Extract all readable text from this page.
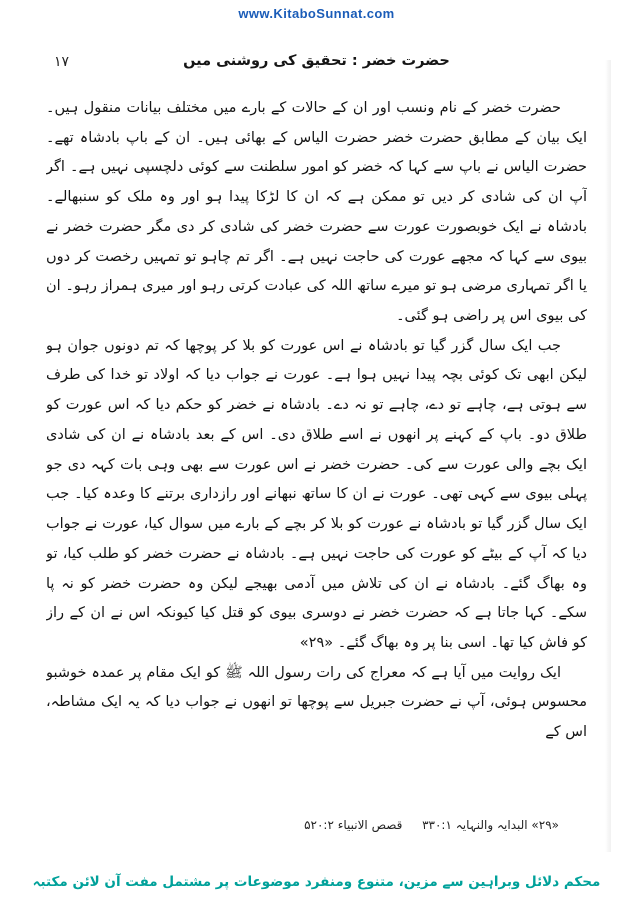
www.KitaboSunnat.com
۱۷	حضرت خضر : تحقیق کی روشنی میں

حضرت خضر کے نام ونسب اور ان کے حالات کے بارے میں مختلف بیانات منقول ہیں۔ ایک بیان کے مطابق حضرت خضر حضرت الیاس کے بھائی ہیں۔ ان کے باپ بادشاہ تھے۔ حضرت الیاس نے باپ سے کہا کہ خضر کو امور سلطنت سے کوئی دلچسپی نہیں ہے۔ اگر آپ ان کی شادی کر دیں تو ممکن ہے کہ ان کا لڑکا پیدا ہو اور وہ ملک کو سنبھالے۔ بادشاہ نے ایک خوبصورت عورت سے حضرت خضر کی شادی کر دی مگر حضرت خضر نے بیوی سے کہا کہ مجھے عورت کی حاجت نہیں ہے۔ اگر تم چاہو تو تمہیں رخصت کر دوں یا اگر تمہاری مرضی ہو تو میرے ساتھ اللہ کی عبادت کرتی رہو اور میری ہمراز رہو۔ ان کی بیوی اس پر راضی ہو گئی۔

جب ایک سال گزر گیا تو بادشاہ نے اس عورت کو بلا کر پوچھا کہ تم دونوں جوان ہو لیکن ابھی تک کوئی بچہ پیدا نہیں ہوا ہے۔ عورت نے جواب دیا کہ اولاد تو خدا کی طرف سے ہوتی ہے، چاہے تو دے، چاہے تو نہ دے۔ بادشاہ نے خضر کو حکم دیا کہ اس عورت کو طلاق دو۔ باپ کے کہنے پر انھوں نے اسے طلاق دی۔ اس کے بعد بادشاہ نے ان کی شادی ایک بچے والی عورت سے کی۔ حضرت خضر نے اس عورت سے بھی وہی بات کہہ دی جو پہلی بیوی سے کہی تھی۔ عورت نے ان کا ساتھ نبھانے اور رازداری برتنے کا وعدہ کیا۔ جب ایک سال گزر گیا تو بادشاہ نے عورت کو بلا کر بچے کے بارے میں سوال کیا، عورت نے جواب دیا کہ آپ کے بیٹے کو عورت کی حاجت نہیں ہے۔ بادشاہ نے حضرت خضر کو طلب کیا، تو وہ بھاگ گئے۔ بادشاہ نے ان کی تلاش میں آدمی بھیجے لیکن وہ حضرت خضر کو نہ پا سکے۔ کہا جاتا ہے کہ حضرت خضر نے دوسری بیوی کو قتل کیا کیونکہ اس نے ان کے راز کو فاش کیا تھا۔ اسی بنا پر وہ بھاگ گئے۔ «۲۹»

ایک روایت میں آیا ہے کہ معراج کی رات رسول اللہ ﷺ کو ایک مقام پر عمدہ خوشبو محسوس ہوئی، آپ نے حضرت جبریل سے پوچھا تو انھوں نے جواب دیا کہ یہ ایک مشاطہ، اس کے

«۲۹» البدایہ والنہایہ ۳۳۰:۱   قصص الانبیاء ۵۲۰:۲
محکم دلائل وبراہین سے مزین، متنوع ومنفرد موضوعات پر مشتمل مفت آن لائن مکتبہ
